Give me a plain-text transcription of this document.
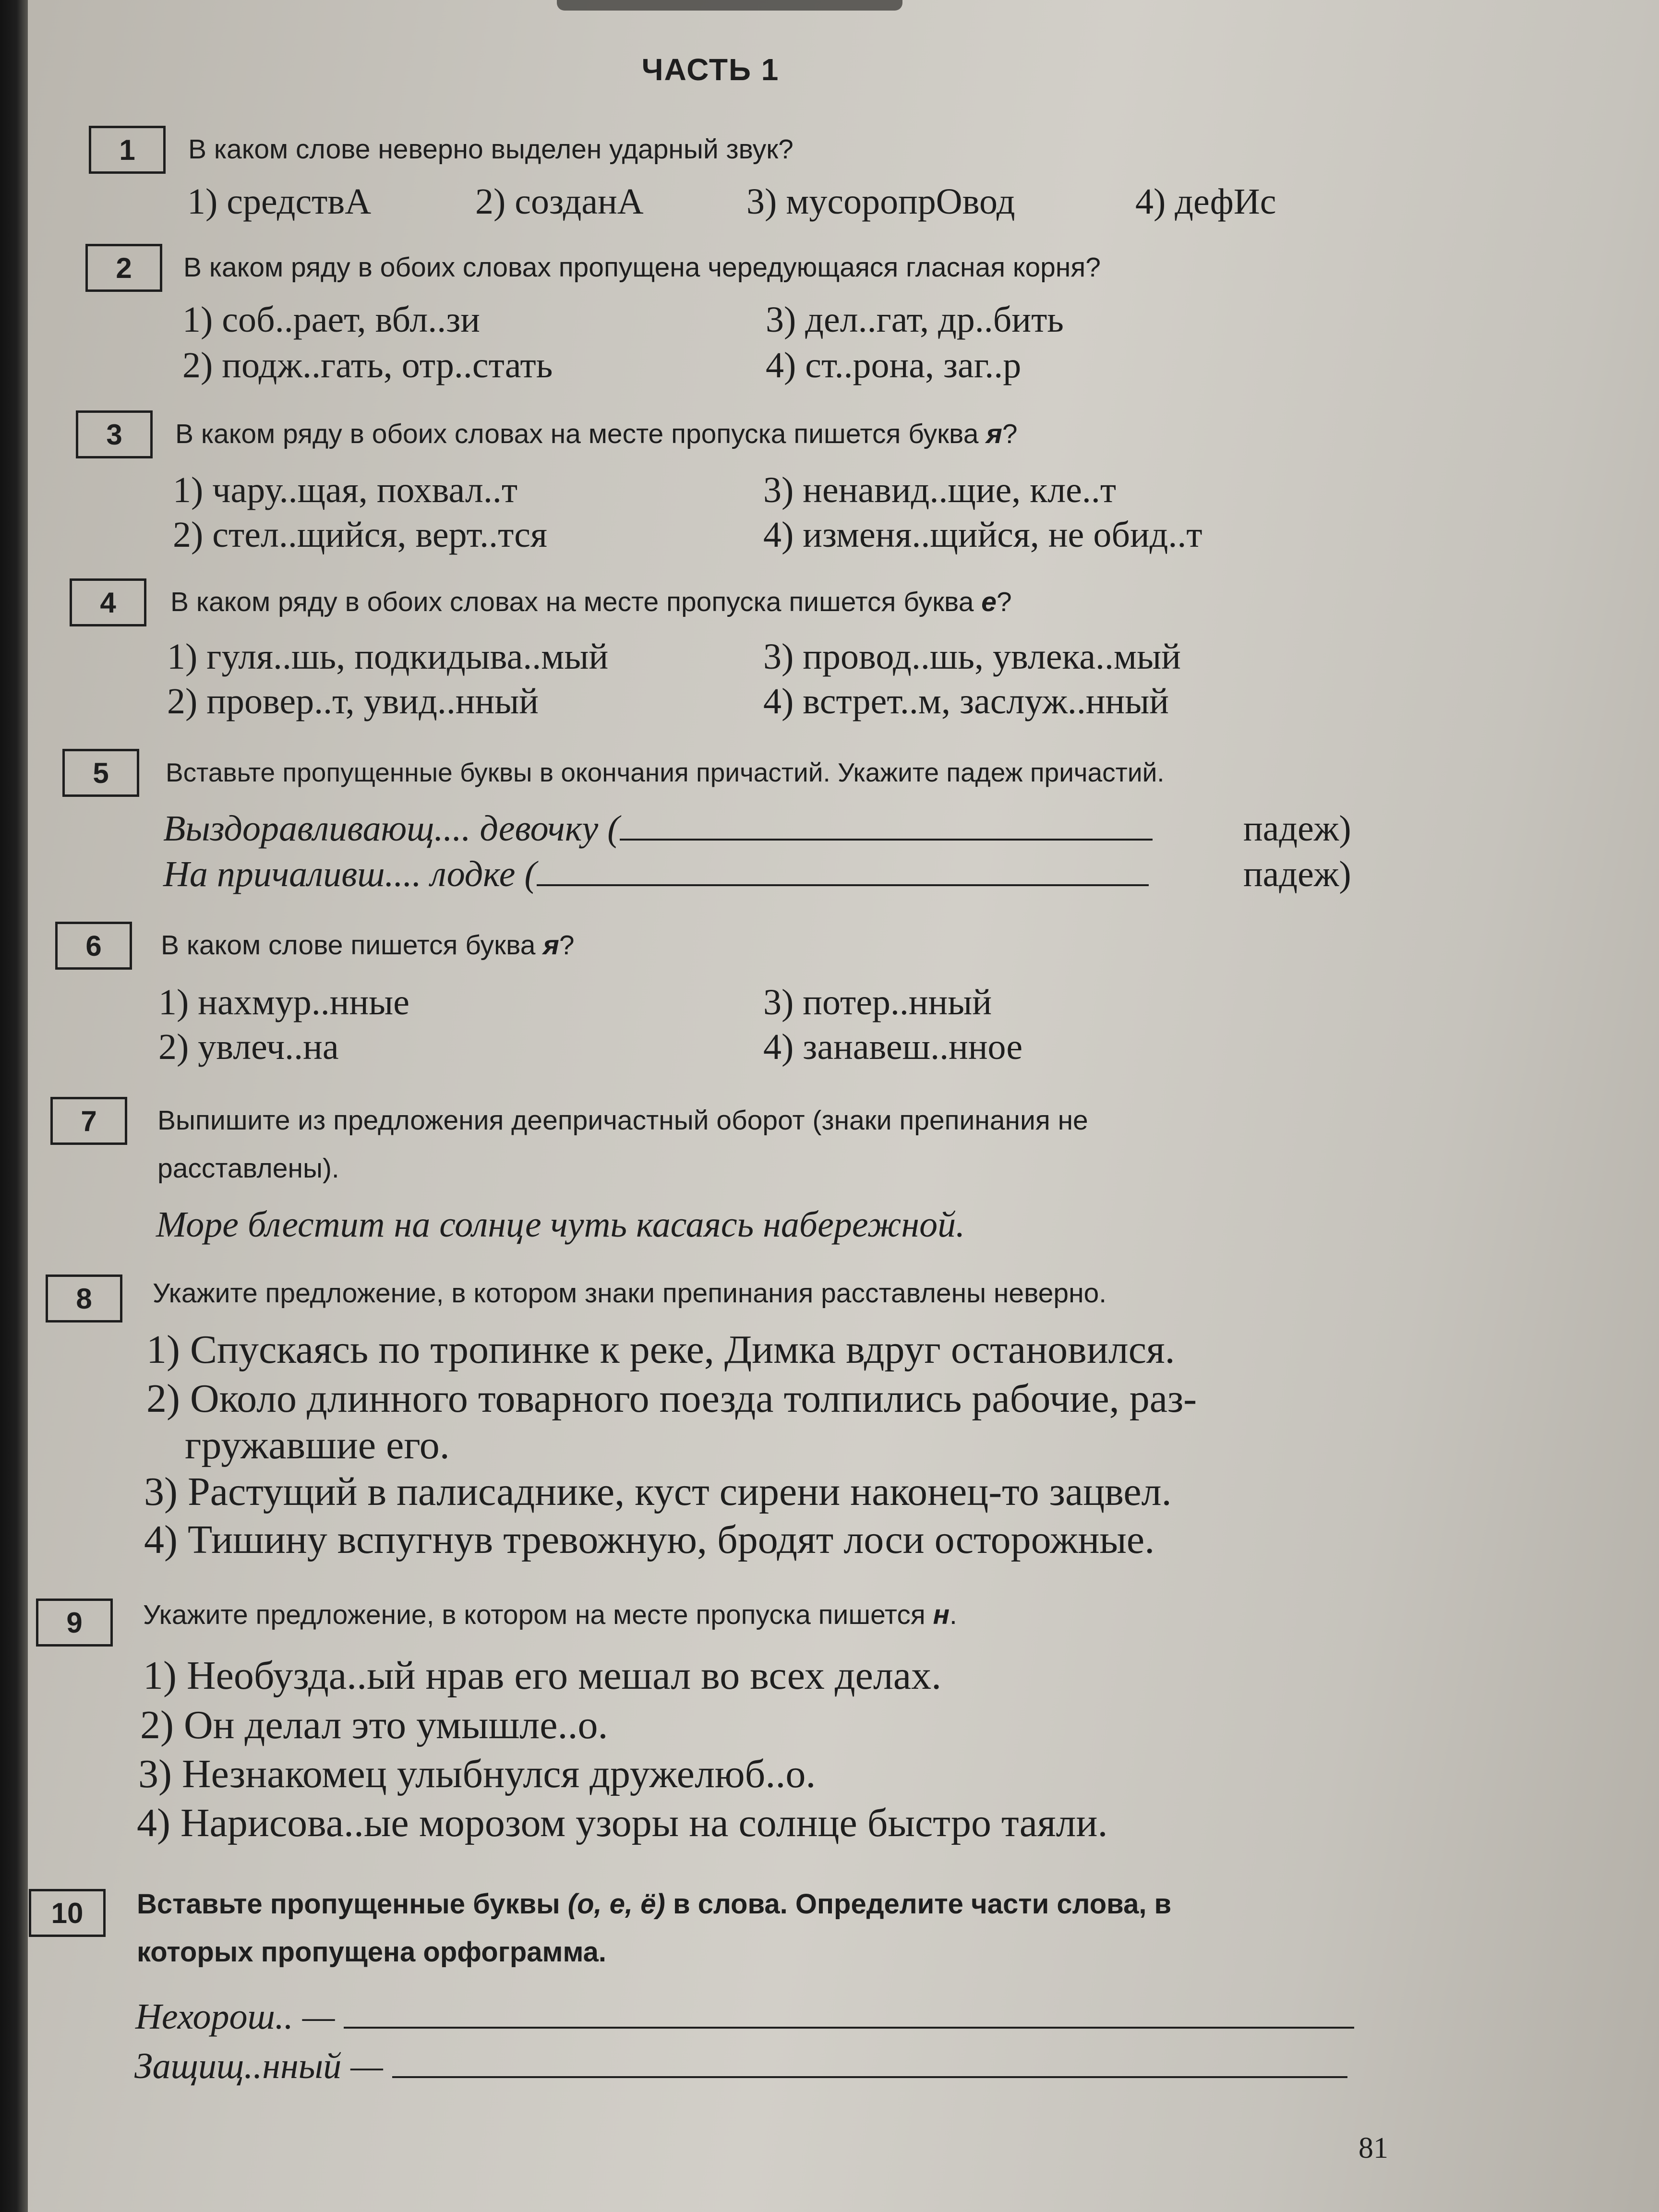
ЧАСТЬ 1
1	В каком слове неверно выделен ударный звук?
1) средствА	2) созданА	3) мусоропрОвод	4) дефИс
2	В каком ряду в обоих словах пропущена чередующаяся гласная корня?
1) соб..рает, вбл..зи	3) дел..гат, др..бить
2) подж..гать, отр..стать	4) ст..рона, заг..р
3	В каком ряду в обоих словах на месте пропуска пишется буква я?
1) чару..щая, похвал..т	3) ненавид..щие, кле..т
2) стел..щийся, верт..тся	4) изменя..щийся, не обид..т
4	В каком ряду в обоих словах на месте пропуска пишется буква е?
1) гуля..шь, подкидыва..мый	3) провод..шь, увлека..мый
2) провер..т, увид..нный	4) встрет..м, заслуж..нный
5	Вставьте пропущенные буквы в окончания причастий. Укажите падеж причастий.
Выздоравливающ.... девочку (	падеж)
На причаливш.... лодке (	падеж)
6	В каком слове пишется буква я?
1) нахмур..нные	3) потер..нный
2) увлеч..на	4) занавеш..нное
7	Выпишите из предложения деепричастный оборот (знаки препинания не
расставлены).
Море блестит на солнце чуть касаясь набережной.
8	Укажите предложение, в котором знаки препинания расставлены неверно.
1) Спускаясь по тропинке к реке, Димка вдруг остановился.
2) Около длинного товарного поезда толпились рабочие, раз-
гружавшие его.
3) Растущий в палисаднике, куст сирени наконец-то зацвел.
4) Тишину вспугнув тревожную, бродят лоси осторожные.
9	Укажите предложение, в котором на месте пропуска пишется н.
1) Необузда..ый нрав его мешал во всех делах.
2) Он делал это умышле..о.
3) Незнакомец улыбнулся дружелюб..о.
4) Нарисова..ые морозом узоры на солнце быстро таяли.
10	Вставьте пропущенные буквы (о, е, ё) в слова. Определите части слова, в
которых пропущена орфограмма.
Нехорош.. —
Защищ..нный —
81
